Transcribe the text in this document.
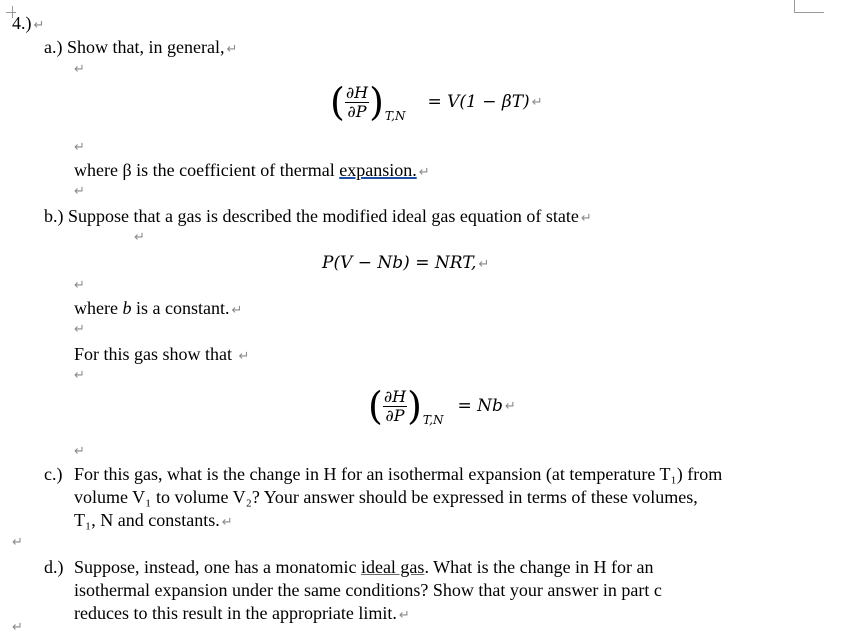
4.) ↵
a.) Show that, in general, ↵
↵
( $\frac{\partial H}{\partial P}$ ) T,N
= V(1 − βT) ↵
↵
where β is the coefficient of thermal expansion. ↵
↵
b.) Suppose that a gas is described the modified ideal gas equation of state ↵
↵
P(V − Nb) = NRT, ↵
↵
where b is a constant. ↵
↵
For this gas show that ↵
↵
( $\frac{\partial H}{\partial P}$ ) T,N
= Nb ↵
↵
c.) For this gas, what is the change in H for an isothermal expansion (at temperature T₁) from
volume V₁ to volume V₂? Your answer should be expressed in terms of these volumes,
T₁, N and constants. ↵
↵
d.) Suppose, instead, one has a monatomic ideal gas. What is the change in H for an
isothermal expansion under the same conditions? Show that your answer in part c
reduces to this result in the appropriate limit. ↵
↵
